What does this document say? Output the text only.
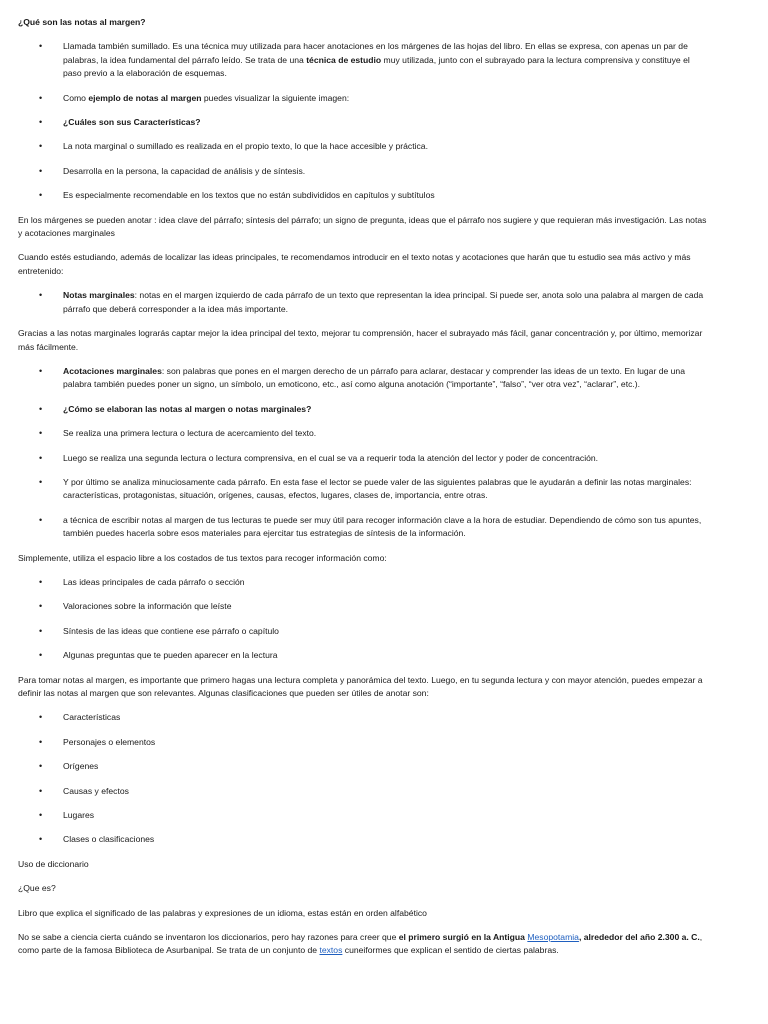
¿Qué son las notas al margen?

• Llamada también sumillado. Es una técnica muy utilizada para hacer anotaciones en los márgenes de las hojas del libro. En ellas se expresa, con apenas un par de palabras, la idea fundamental del párrafo leído. Se trata de una técnica de estudio muy utilizada, junto con el subrayado para la lectura comprensiva y constituye el paso previo a la elaboración de esquemas.
• Como ejemplo de notas al margen puedes visualizar la siguiente imagen:
• ¿Cuáles son sus Características?
• La nota marginal o sumillado es realizada en el propio texto, lo que la hace accesible y práctica.
• Desarrolla en la persona, la capacidad de análisis y de síntesis.
• Es especialmente recomendable en los textos que no están subdivididos en capítulos y subtítulos

En los márgenes se pueden anotar : idea clave del párrafo; síntesis del párrafo; un signo de pregunta, ideas que el párrafo nos sugiere y que requieran más investigación. Las notas y acotaciones marginales

Cuando estés estudiando, además de localizar las ideas principales, te recomendamos introducir en el texto notas y acotaciones que harán que tu estudio sea más activo y más entretenido:

• Notas marginales: notas en el margen izquierdo de cada párrafo de un texto que representan la idea principal. Si puede ser, anota solo una palabra al margen de cada párrafo que deberá corresponder a la idea más importante.

Gracias a las notas marginales lograrás captar mejor la idea principal del texto, mejorar tu comprensión, hacer el subrayado más fácil, ganar concentración y, por último, memorizar más fácilmente.

• Acotaciones marginales: son palabras que pones en el margen derecho de un párrafo para aclarar, destacar y comprender las ideas de un texto. En lugar de una palabra también puedes poner un signo, un símbolo, un emoticono, etc., así como alguna anotación (“importante”, “falso”, “ver otra vez”, “aclarar”, etc.).
• ¿Cómo se elaboran las notas al margen o notas marginales?
• Se realiza una primera lectura o lectura de acercamiento del texto.
• Luego se realiza una segunda lectura o lectura comprensiva, en el cual se va a requerir toda la atención del lector y poder de concentración.
• Y por último se analiza minuciosamente cada párrafo. En esta fase el lector se puede valer de las siguientes palabras que le ayudarán a definir las notas marginales: características, protagonistas, situación, orígenes, causas, efectos, lugares, clases de, importancia, entre otras.
• a técnica de escribir notas al margen de tus lecturas te puede ser muy útil para recoger información clave a la hora de estudiar. Dependiendo de cómo son tus apuntes, también puedes hacerla sobre esos materiales para ejercitar tus estrategias de síntesis de la información.

Simplemente, utiliza el espacio libre a los costados de tus textos para recoger información como:

• Las ideas principales de cada párrafo o sección
• Valoraciones sobre la información que leíste
• Síntesis de las ideas que contiene ese párrafo o capítulo
• Algunas preguntas que te pueden aparecer en la lectura

Para tomar notas al margen, es importante que primero hagas una lectura completa y panorámica del texto. Luego, en tu segunda lectura y con mayor atención, puedes empezar a definir las notas al margen que son relevantes. Algunas clasificaciones que pueden ser útiles de anotar son:

• Características
• Personajes o elementos
• Orígenes
• Causas y efectos
• Lugares
• Clases o clasificaciones

Uso de diccionario

¿Que es?

Libro que explica el significado de las palabras y expresiones de un idioma, estas están en orden alfabético

No se sabe a ciencia cierta cuándo se inventaron los diccionarios, pero hay razones para creer que el primero surgió en la Antigua Mesopotamia, alrededor del año 2.300 a. C., como parte de la famosa Biblioteca de Asurbanipal. Se trata de un conjunto de textos cuneiformes que explican el sentido de ciertas palabras.
